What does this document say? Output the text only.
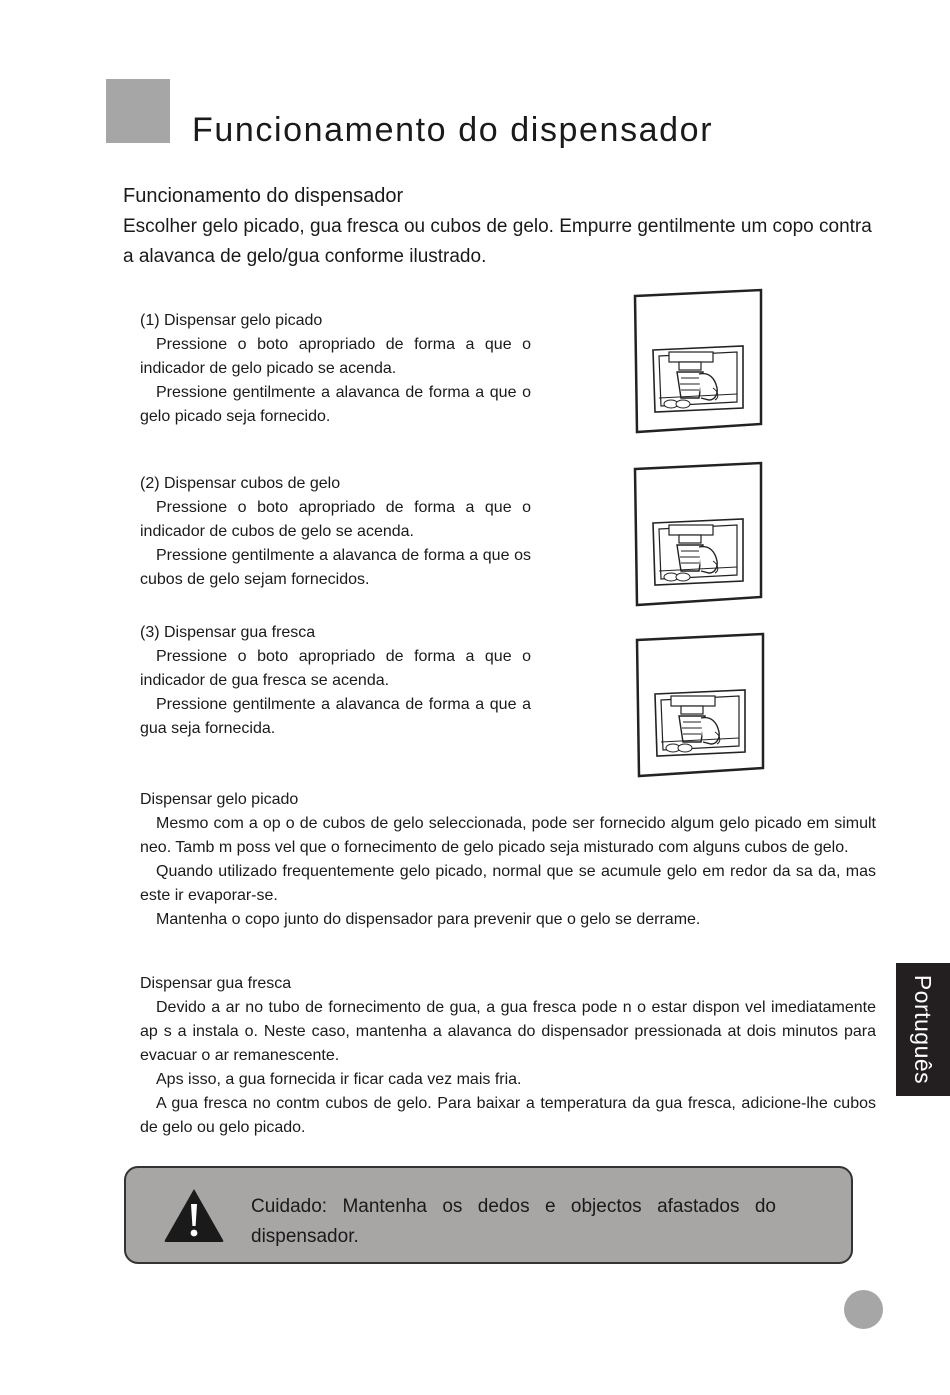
Funcionamento do dispensador
Funcionamento do dispensador
Escolher gelo picado, gua fresca ou cubos de gelo. Empurre gentilmente um copo contra a alavanca de gelo/gua conforme ilustrado.
(1) Dispensar gelo picado

Pressione o boto apropriado de forma a que o indicador de gelo picado se acenda.

Pressione gentilmente a alavanca de forma a que o gelo picado seja fornecido.

(2) Dispensar cubos de gelo

Pressione o boto apropriado de forma a que o indicador de cubos de gelo se acenda.

Pressione gentilmente a alavanca de forma a que os cubos de gelo sejam fornecidos.

(3) Dispensar gua fresca

Pressione o boto apropriado de forma a que o indicador de gua fresca se acenda.

Pressione gentilmente a alavanca de forma a que a gua seja fornecida.

Dispensar gelo picado

Mesmo com a op o de cubos de gelo seleccionada, pode ser fornecido algum gelo picado em simult neo. Tamb m poss vel que o fornecimento de gelo picado seja misturado com alguns cubos de gelo.

Quando utilizado frequentemente gelo picado, normal que se acumule gelo em redor da sa da, mas este ir evaporar-se.

Mantenha o copo junto do dispensador para prevenir que o gelo se derrame.

Dispensar gua fresca

Devido a ar no tubo de fornecimento de gua, a gua fresca pode n o estar dispon vel imediatamente ap s a instala o. Neste caso, mantenha a alavanca do dispensador pressionada at dois minutos para evacuar o ar remanescente.

Aps isso, a gua fornecida ir ficar cada vez mais fria.

A gua fresca no contm cubos de gelo. Para baixar a temperatura da gua fresca, adicione-lhe cubos de gelo ou gelo picado.

Português
Cuidado: Mantenha os dedos e objectos afastados do dispensador.
